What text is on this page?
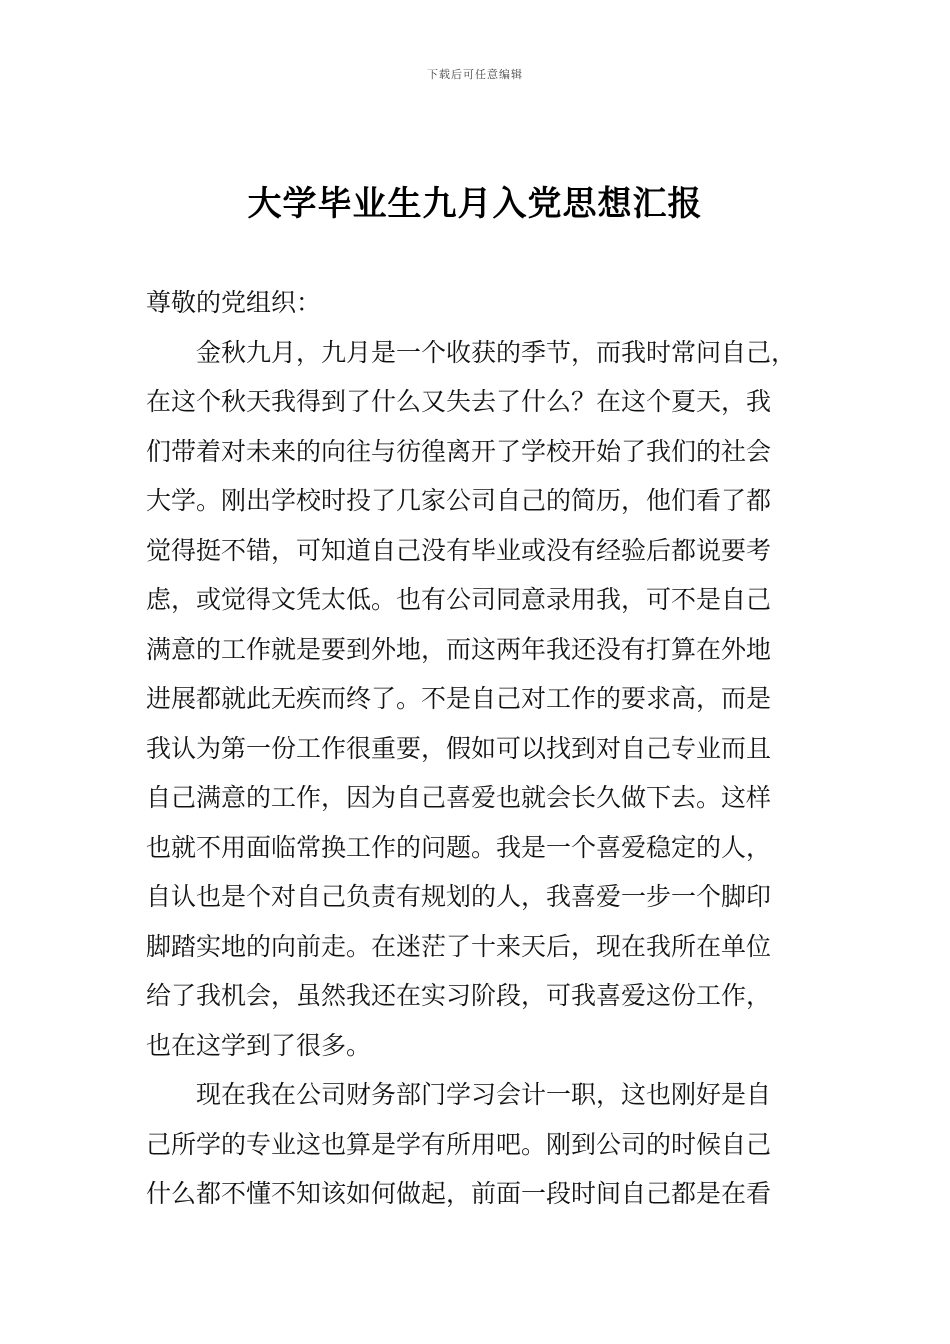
下载后可任意编辑
大学毕业生九月入党思想汇报
尊敬的党组织：
金秋九月，九月是一个收获的季节，而我时常问自己，
在这个秋天我得到了什么又失去了什么？在这个夏天，我
们带着对未来的向往与彷徨离开了学校开始了我们的社会
大学。刚出学校时投了几家公司自己的简历，他们看了都
觉得挺不错，可知道自己没有毕业或没有经验后都说要考
虑，或觉得文凭太低。也有公司同意录用我，可不是自己
满意的工作就是要到外地，而这两年我还没有打算在外地
进展都就此无疾而终了。不是自己对工作的要求高，而是
我认为第一份工作很重要，假如可以找到对自己专业而且
自己满意的工作，因为自己喜爱也就会长久做下去。这样
也就不用面临常换工作的问题。我是一个喜爱稳定的人，
自认也是个对自己负责有规划的人，我喜爱一步一个脚印
脚踏实地的向前走。在迷茫了十来天后，现在我所在单位
给了我机会，虽然我还在实习阶段，可我喜爱这份工作，
也在这学到了很多。
现在我在公司财务部门学习会计一职，这也刚好是自
己所学的专业这也算是学有所用吧。刚到公司的时候自己
什么都不懂不知该如何做起，前面一段时间自己都是在看
